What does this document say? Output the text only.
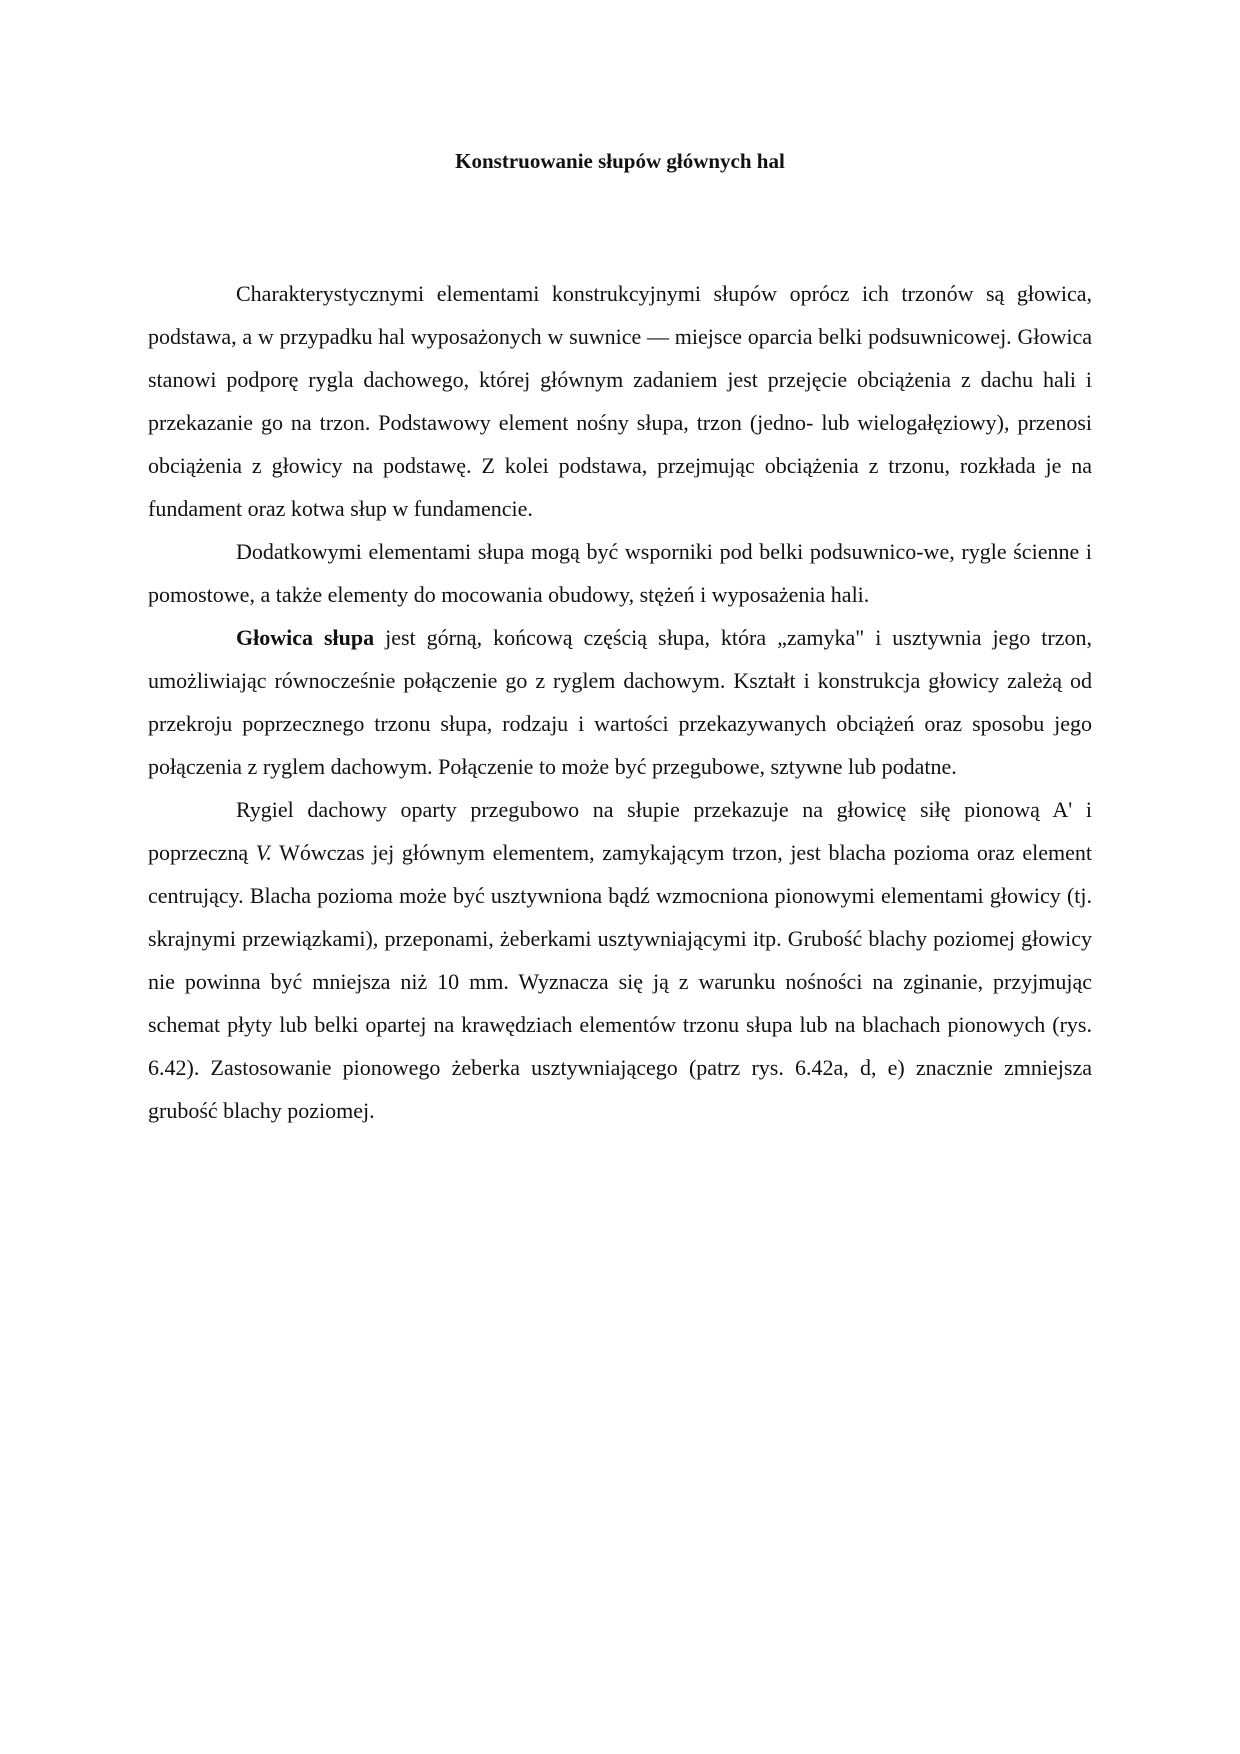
Konstruowanie słupów głównych hal

Charakterystycznymi elementami konstrukcyjnymi słupów oprócz ich trzonów są głowica, podstawa, a w przypadku hal wyposażonych w suwnice — miejsce oparcia belki podsuwnicowej. Głowica stanowi podporę rygla dachowego, której głównym zadaniem jest przejęcie obciążenia z dachu hali i przekazanie go na trzon. Podstawowy element nośny słupa, trzon (jedno- lub wielogałęziowy), przenosi obciążenia z głowicy na podstawę. Z kolei podstawa, przejmując obciążenia z trzonu, rozkłada je na fundament oraz kotwa słup w fundamencie.

Dodatkowymi elementami słupa mogą być wsporniki pod belki podsuwnico-we, rygle ścienne i pomostowe, a także elementy do mocowania obudowy, stężeń i wyposażenia hali.

Głowica słupa jest górną, końcową częścią słupa, która „zamyka" i usztywnia jego trzon, umożliwiając równocześnie połączenie go z ryglem dachowym. Kształt i konstrukcja głowicy zależą od przekroju poprzecznego trzonu słupa, rodzaju i wartości przekazywanych obciążeń oraz sposobu jego połączenia z ryglem dachowym. Połączenie to może być przegubowe, sztywne lub podatne.

Rygiel dachowy oparty przegubowo na słupie przekazuje na głowicę siłę pionową A' i poprzeczną V. Wówczas jej głównym elementem, zamykającym trzon, jest blacha pozioma oraz element centrujący. Blacha pozioma może być usztywniona bądź wzmocniona pionowymi elementami głowicy (tj. skrajnymi przewiązkami), przeponami, żeberkami usztywniającymi itp. Grubość blachy poziomej głowicy nie powinna być mniejsza niż 10 mm. Wyznacza się ją z warunku nośności na zginanie, przyjmując schemat płyty lub belki opartej na krawędziach elementów trzonu słupa lub na blachach pionowych (rys. 6.42). Zastosowanie pionowego żeberka usztywniającego (patrz rys. 6.42a, d, e) znacznie zmniejsza grubość blachy poziomej.
